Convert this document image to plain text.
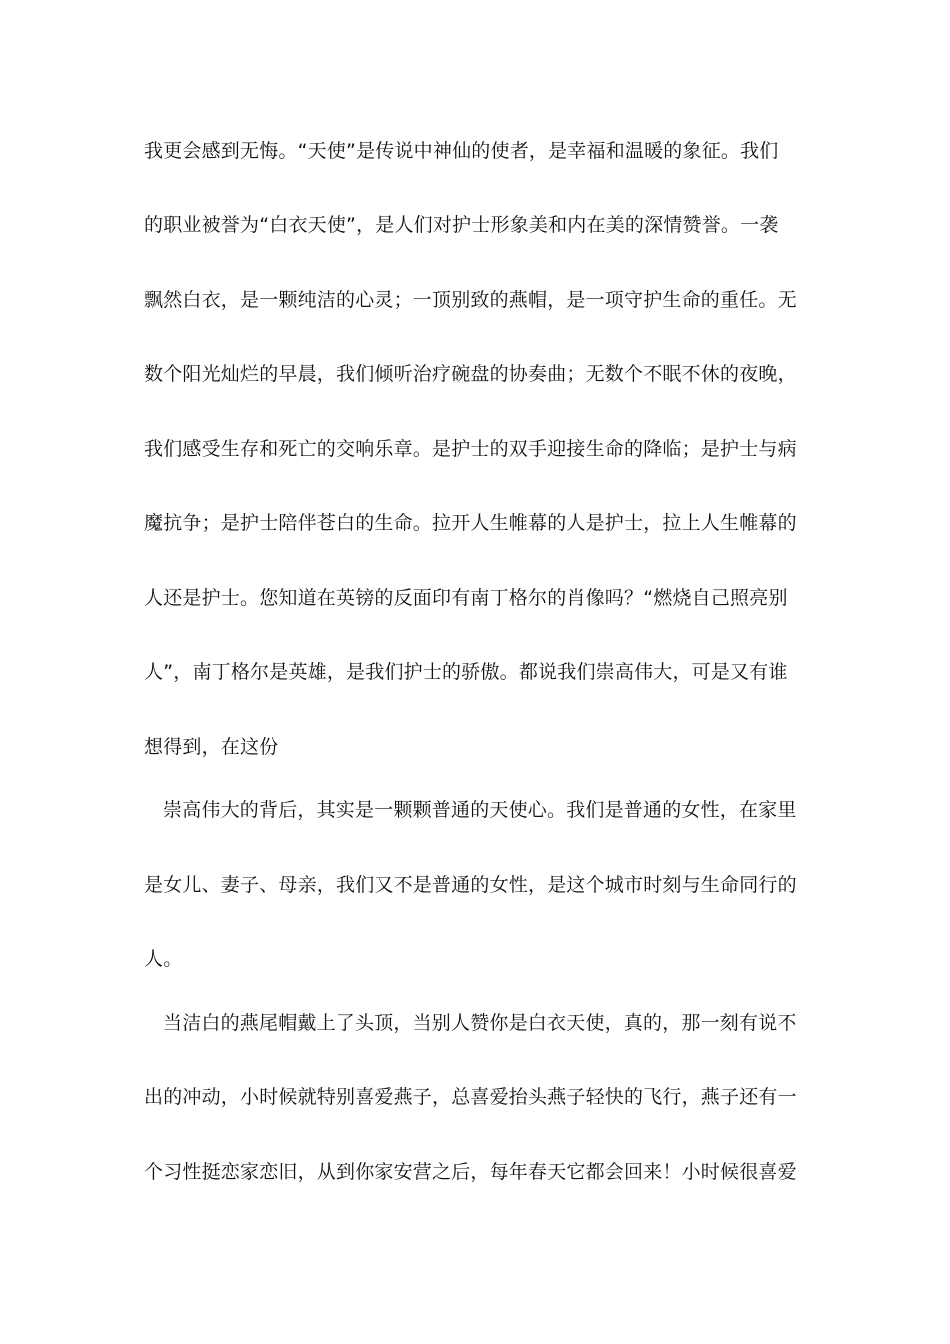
我更会感到无悔。“天使”是传说中神仙的使者，是幸福和温暖的象征。我们
的职业被誉为“白衣天使”，是人们对护士形象美和内在美的深情赞誉。一袭
飘然白衣，是一颗纯洁的心灵；一顶别致的燕帽，是一项守护生命的重任。无
数个阳光灿烂的早晨，我们倾听治疗碗盘的协奏曲；无数个不眠不休的夜晚，
我们感受生存和死亡的交响乐章。是护士的双手迎接生命的降临；是护士与病
魔抗争；是护士陪伴苍白的生命。拉开人生帷幕的人是护士，拉上人生帷幕的
人还是护士。您知道在英镑的反面印有南丁格尔的肖像吗？“燃烧自己照亮别
人”，南丁格尔是英雄，是我们护士的骄傲。都说我们崇高伟大，可是又有谁
想得到，在这份
崇高伟大的背后，其实是一颗颗普通的天使心。我们是普通的女性，在家里
是女儿、妻子、母亲，我们又不是普通的女性，是这个城市时刻与生命同行的
人。
当洁白的燕尾帽戴上了头顶，当别人赞你是白衣天使，真的，那一刻有说不
出的冲动，小时候就特别喜爱燕子，总喜爱抬头燕子轻快的飞行，燕子还有一
个习性挺恋家恋旧，从到你家安营之后，每年春天它都会回来！小时候很喜爱
